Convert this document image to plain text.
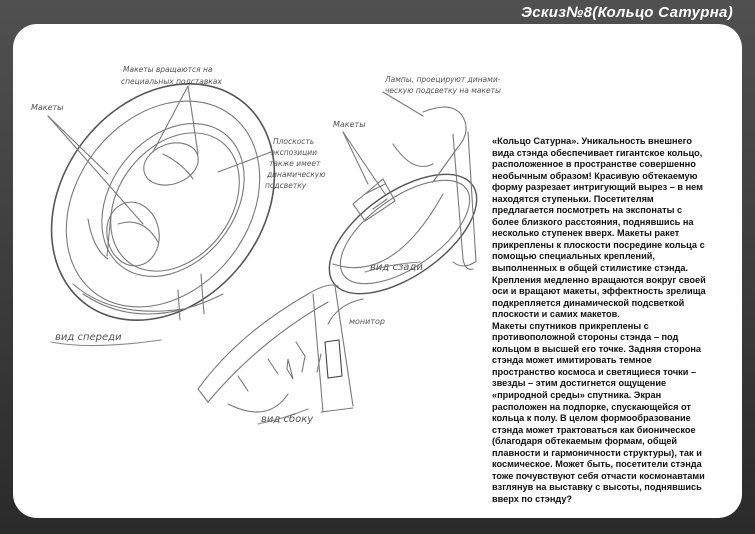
Эскиз№8(Кольцо Сатурна)
Макеты
Макеты вращаются на
специальных подставках
Плоскость
экспозиции
также имеет
динамическую
подсветку
вид спереди
Лампы, проецируют динами-
ческую подсветку на макеты
Макеты
вид сзади
монитор
вид сбоку

«Кольцо Сатурна». Уникальность внешнего вида стэнда обеспечивает гигантское кольцо, расположенное в пространстве совершенно необычным образом! Красивую обтекаемую форму разрезает интригующий вырез – в нем находятся ступеньки. Посетителям предлагается посмотреть на экспонаты с более близкого расстояния, поднявшись на несколько ступенек вверх. Макеты ракет прикреплены к плоскости посредине кольца с помощью специальных креплений, выполненных в общей стилистике стэнда. Крепления медленно вращаются вокруг своей оси и вращают макеты, эффектность зрелища подкрепляется динамической подсветкой плоскости и самих макетов.

Макеты спутников прикреплены с противоположной стороны стэнда – под кольцом в высшей его точке. Задняя сторона стэнда может имитировать темное пространство космоса и светящиеся точки – звезды – этим достигнется ощущение «природной среды» спутника. Экран расположен на подпорке, спускающейся от кольца к полу. В целом формообразование стэнда может трактоваться как бионическое (благодаря обтекаемым формам, общей плавности и гармоничности структуры), так и космическое. Может быть, посетители стэнда тоже почувствуют себя отчасти космонавтами взглянув на выставку с высоты, поднявшись вверх по стэнду?
